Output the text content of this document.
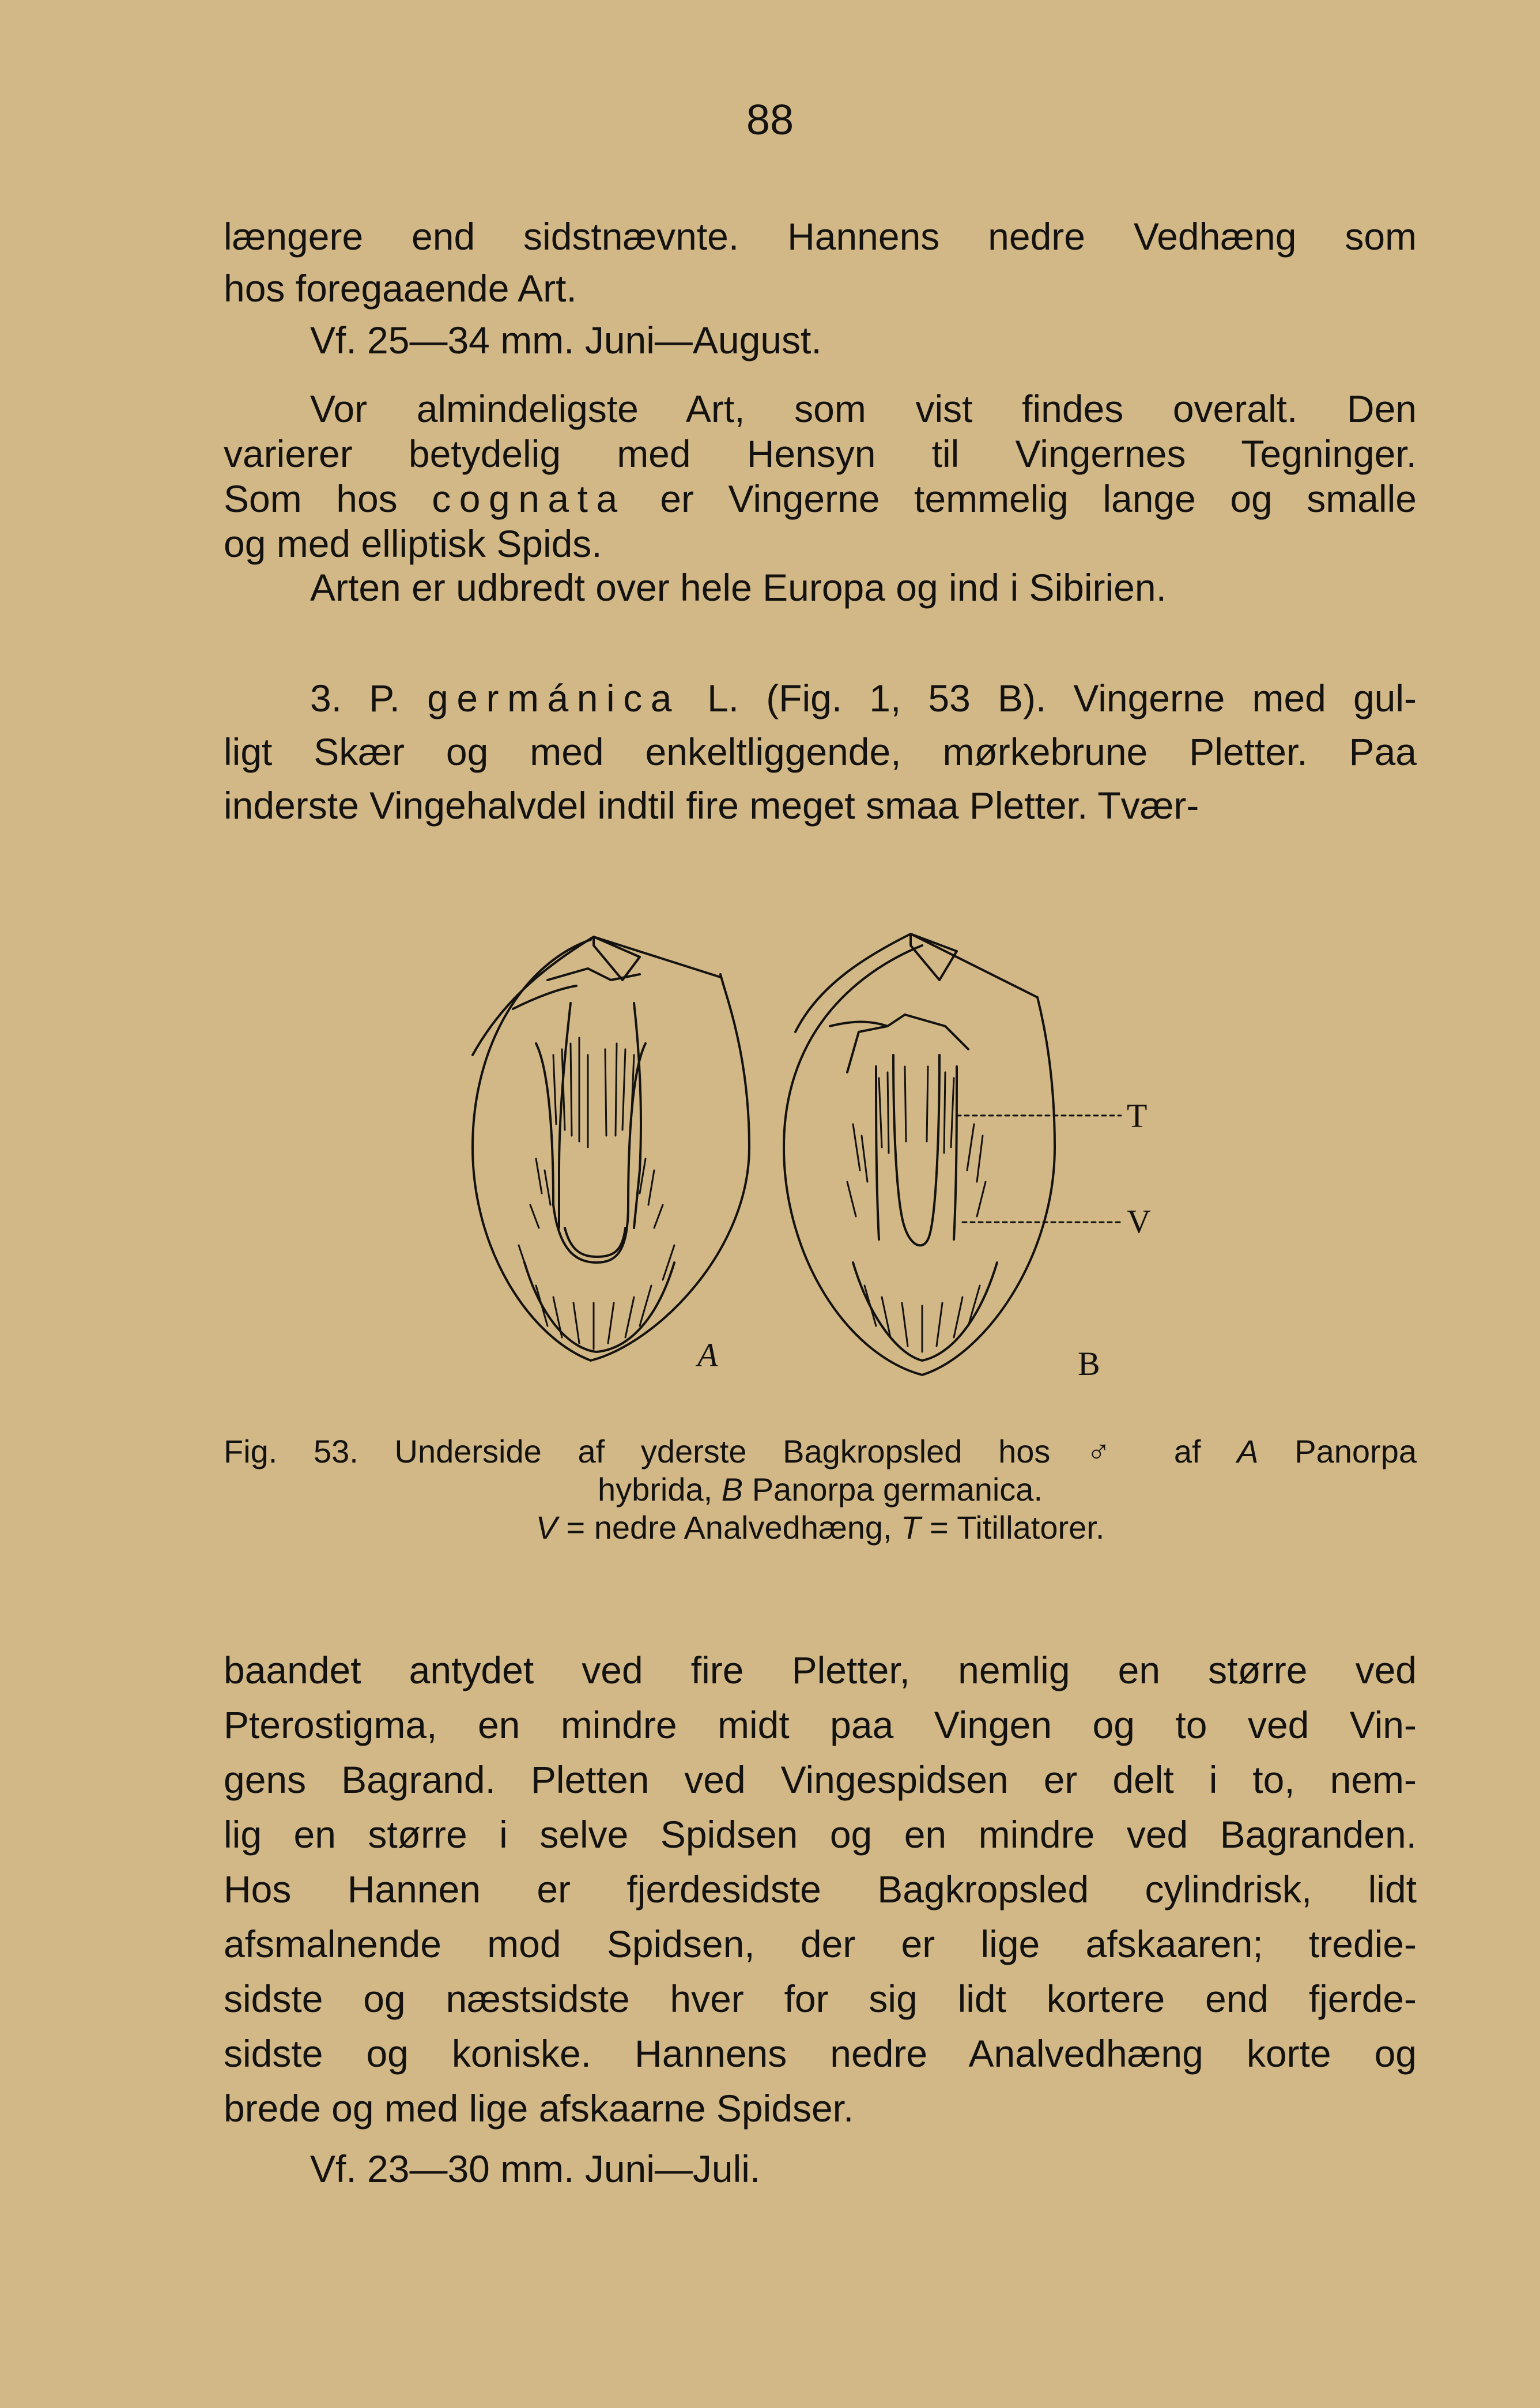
88
længere end sidstnævnte. Hannens nedre Vedhæng som
hos foregaaende Art.
Vf. 25—34 mm. Juni—August.
Vor almindeligste Art, som vist findes overalt. Den
varierer betydelig med Hensyn til Vingernes Tegninger.
Som hos cognata er Vingerne temmelig lange og smalle
og med elliptisk Spids.
Arten er udbredt over hele Europa og ind i Sibirien.
3. P. germánica L. (Fig. 1, 53 B). Vingerne med gul-
ligt Skær og med enkeltliggende, mørkebrune Pletter. Paa
inderste Vingehalvdel indtil fire meget smaa Pletter. Tvær-
A	B
T
V
Fig. 53. Underside af yderste Bagkropsled hos ♂ af A Panorpa
hybrida, B Panorpa germanica.
V = nedre Analvedhæng, T = Titillatorer.
baandet antydet ved fire Pletter, nemlig en større ved
Pterostigma, en mindre midt paa Vingen og to ved Vin-
gens Bagrand. Pletten ved Vingespidsen er delt i to, nem-
lig en større i selve Spidsen og en mindre ved Bagranden.
Hos Hannen er fjerdesidste Bagkropsled cylindrisk, lidt
afsmalnende mod Spidsen, der er lige afskaaren; tredie-
sidste og næstsidste hver for sig lidt kortere end fjerde-
sidste og koniske. Hannens nedre Analvedhæng korte og
brede og med lige afskaarne Spidser.
Vf. 23—30 mm. Juni—Juli.
